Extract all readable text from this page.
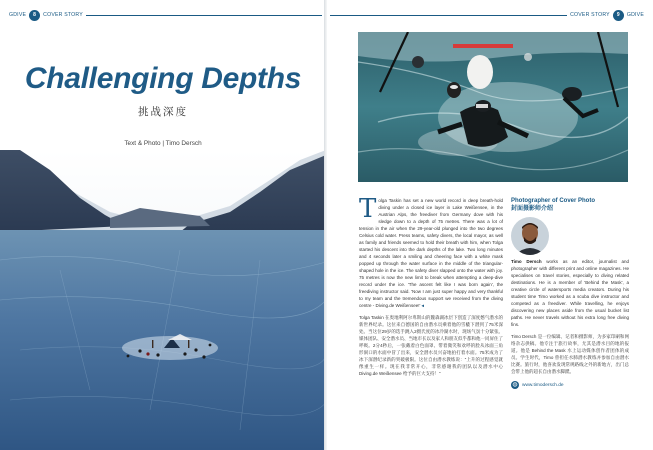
GDIVE	8	COVER STORY
Challenging Depths
挑战深度
Text & Photo | Timo Dersch
COVER STORY	9	GDIVE
T olga Taskin has set a new world record in deep breath-hold diving under a closed ice layer in Lake Weißensee, in the Austrian Alps, the freediver from Germany dove with his sledge down to a depth of 75 metres. There was a lot of tension in the air when the 29-year-old plunged into the two degrees Celsius cold water. Press teams, safety divers, the local mayor, as well as family and friends seemed to hold their breath with him, when Tolga started his descent into the dark depths of the lake. Two long minutes and 4 seconds later a smiling and cheering face with a white mask popped up through the water surface in the middle of the triangular-shaped hole in the ice. The safety diver slapped onto the water with joy. 75 metres is now the new limit to break when attempting a deep-dive record under the ice. 'The ascent felt like I was born again', the freediving instructor said. 'Now I am just super happy and very thankful to my team and the tremendous support we received from the diving centre - Diving.de Weißensee!' ◂
Tolga Taskin 在奥地利阿尔卑斯山的魏森湖冰层下创造了深度憋气潜水的新世界纪录。这位来自德国的自由潜水员乘着他的雪橇下潜到了75米深处。当这位29岁的选手跳入2摄氏度的冰冷湖水时，现场气氛十分紧张。媒体团队、安全潜水员、当地市长以及家人和朋友似乎都和他一同屏住了呼吸。2分4秒后，一张戴着白色面罩、带着微笑和欢呼的脸从冰面三角形洞口的水面中冒了出来，安全潜水员兴奋地拍打着水面。75米成为了冰下深潜纪录新的突破极限。这位自由潜水教练说：“上升的过程感觉就像重生一样。现在我非常开心，非常感谢我的团队以及潜水中心 Diving.de Weißensee 给予的巨大支持！”
Photographer of Cover Photo
封面摄影师介绍
Timo Dersch works as an editor, journalist and photographer with different print and online magazines. He specialises on travel stories, especially to diving related destinations. He is a member of 'Behind the Mask', a creative circle of watersports media creators. During his student time Timo worked as a scuba dive instructor and competed as a freediver. While travelling, he enjoys discovering new places aside from the usual bucket list paths. He never travels without his extra long free diving fins.
Timo Dersch 是一位编辑、记者和摄影师，为多家印刷和网络杂志供稿。他专注于旅行故事，尤其是潜水目的地的报道。他是 Behind the Mask 水上运动媒体创作者团体的成员。学生时代，Timo 曾担任水肺潜水教练并参加自由潜水比赛。旅行时，他喜欢发现常规路线之外的新地方，出门总会带上他的超长自由潜水脚蹼。
◍ www.timodersch.de
